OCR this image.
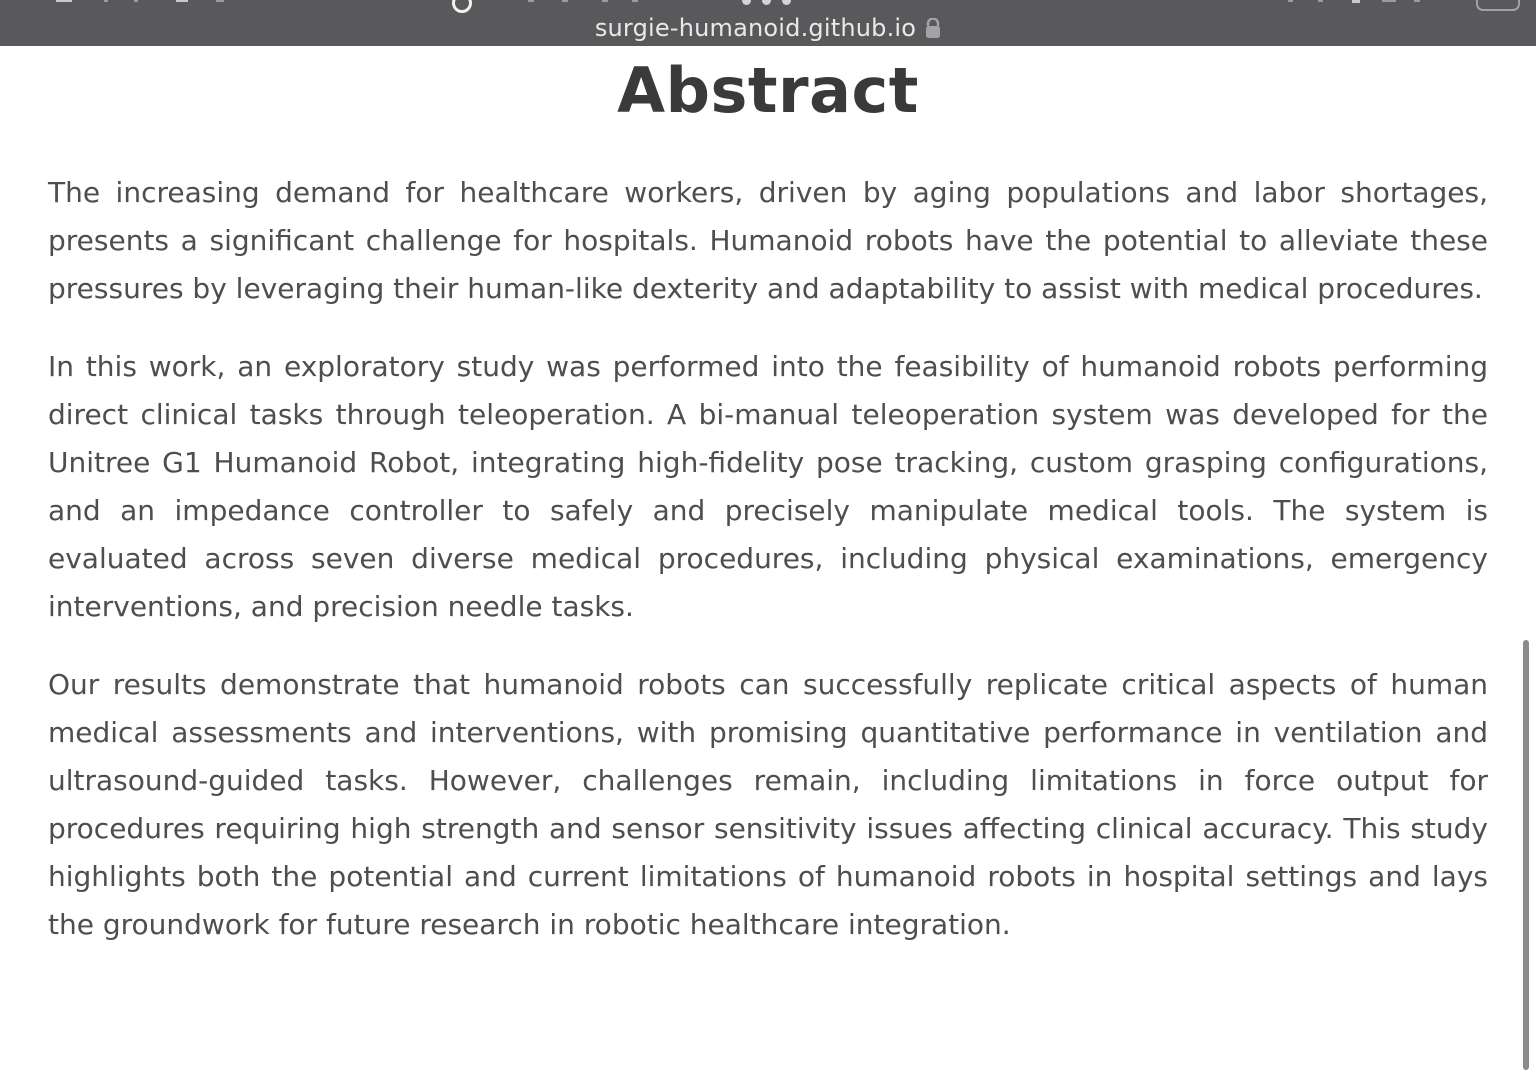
surgie-humanoid.github.io
Abstract

The increasing demand for healthcare workers, driven by aging populations and labor shortages, presents a significant challenge for hospitals. Humanoid robots have the potential to alleviate these pressures by leveraging their human-like dexterity and adaptability to assist with medical procedures.

In this work, an exploratory study was performed into the feasibility of humanoid robots performing direct clinical tasks through teleoperation. A bi-manual teleoperation system was developed for the Unitree G1 Humanoid Robot, integrating high-fidelity pose tracking, custom grasping configurations, and an impedance controller to safely and precisely manipulate medical tools. The system is evaluated across seven diverse medical procedures, including physical examinations, emergency interventions, and precision needle tasks.

Our results demonstrate that humanoid robots can successfully replicate critical aspects of human medical assessments and interventions, with promising quantitative performance in ventilation and ultrasound-guided tasks. However, challenges remain, including limitations in force output for procedures requiring high strength and sensor sensitivity issues affecting clinical accuracy. This study highlights both the potential and current limitations of humanoid robots in hospital settings and lays the groundwork for future research in robotic healthcare integration.
